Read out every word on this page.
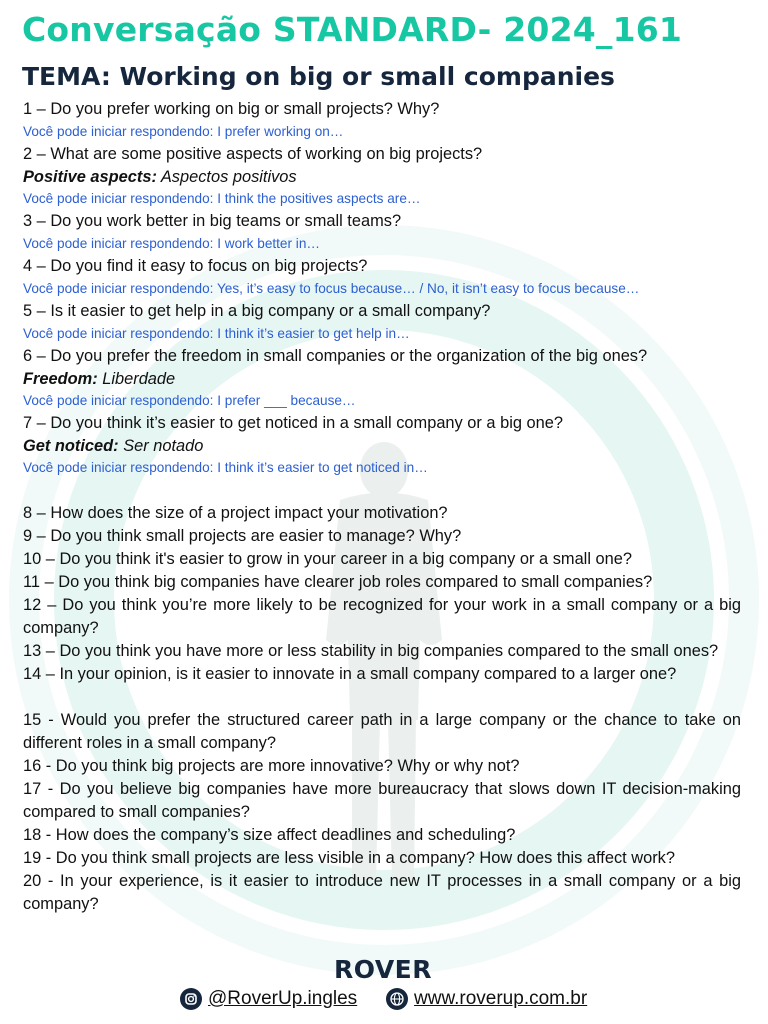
Conversação STANDARD- 2024_161
TEMA: Working on big or small companies
1 – Do you prefer working on big or small projects? Why?
Você pode iniciar respondendo: I prefer working on…
2 – What are some positive aspects of working on big projects?
Positive aspects: Aspectos positivos
Você pode iniciar respondendo: I think the positives aspects are…
3 – Do you work better in big teams or small teams?
Você pode iniciar respondendo: I work better in…
4 – Do you find it easy to focus on big projects?
Você pode iniciar respondendo: Yes, it’s easy to focus because… / No, it isn’t easy to focus because…
5 – Is it easier to get help in a big company or a small company?
Você pode iniciar respondendo: I think it’s easier to get help in…
6 – Do you prefer the freedom in small companies or the organization of the big ones?
Freedom: Liberdade
Você pode iniciar respondendo: I prefer ___ because…
7 – Do you think it’s easier to get noticed in a small company or a big one?
Get noticed: Ser notado
Você pode iniciar respondendo: I think it’s easier to get noticed in…
8 – How does the size of a project impact your motivation?
9 – Do you think small projects are easier to manage? Why?
10 – Do you think it's easier to grow in your career in a big company or a small one?
11 – Do you think big companies have clearer job roles compared to small companies?
12 – Do you think you’re more likely to be recognized for your work in a small company or a big company?
13 – Do you think you have more or less stability in big companies compared to the small ones?
14 – In your opinion, is it easier to innovate in a small company compared to a larger one?
15 - Would you prefer the structured career path in a large company or the chance to take on different roles in a small company?
16 - Do you think big projects are more innovative? Why or why not?
17 - Do you believe big companies have more bureaucracy that slows down IT decision-making compared to small companies?
18 - How does the company’s size affect deadlines and scheduling?
19 - Do you think small projects are less visible in a company? How does this affect work?
20 - In your experience, is it easier to introduce new IT processes in a small company or a big company?
ROVER
@RoverUp.ingles	www.roverup.com.br
